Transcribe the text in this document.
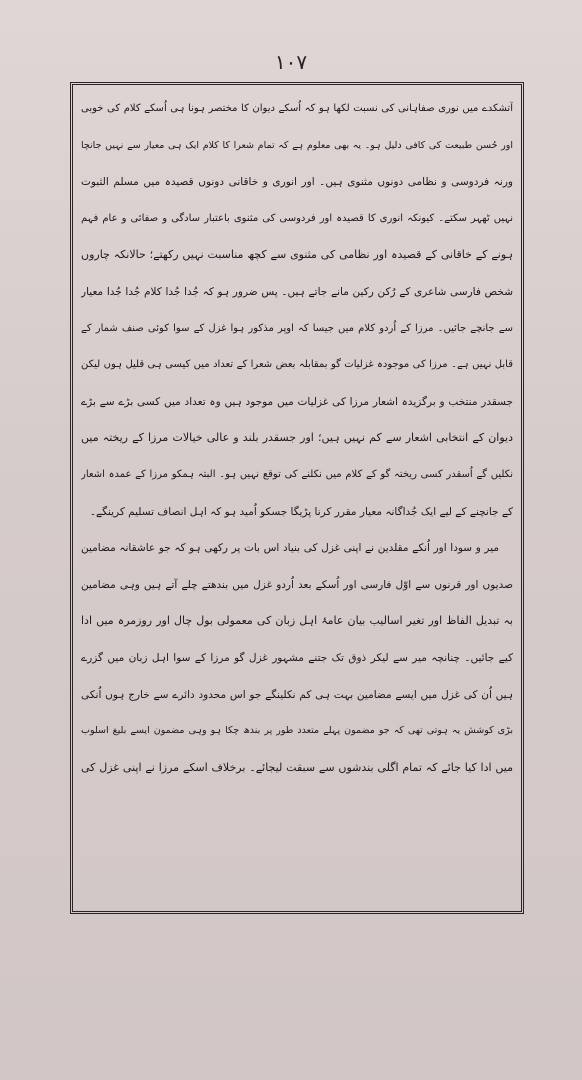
۱۰۷
آتشکدے میں نوری صفاہانی کی نسبت لکھا ہو کہ اُسکے دیوان کا مختصر ہونا ہی اُسکے کلام کی خوبی
اور حُسن طبیعت کی کافی دلیل ہو۔ یہ بھی معلوم ہے کہ تمام شعرا کا کلام ایک ہی معیار سے نہیں جانچا
ورنہ فردوسی و نظامی دونوں مثنوی ہیں۔ اور انوری و خاقانی دونوں قصیدہ میں مسلم الثبوت
نہیں ٹھہر سکتے۔ کیونکہ انوری کا قصیدہ اور فردوسی کی مثنوی باعتبار سادگی و صفائی و عام فہم
ہونے کے خاقانی کے قصیدہ اور نظامی کی مثنوی سے کچھ مناسبت نہیں رکھتے؛ حالانکہ چاروں
شخص فارسی شاعری کے رُکن رکین مانے جاتے ہیں۔ پس ضرور ہو کہ جُدا جُدا کلام جُدا جُدا معیار
سے جانچے جائیں۔ مرزا کے اُردو کلام میں جیسا کہ اوپر مذکور ہوا غزل کے سوا کوئی صنف شمار کے
قابل نہیں ہے۔ مرزا کی موجودہ غزلیات گو بمقابلہ بعض شعرا کے تعداد میں کیسی ہی قلیل ہوں لیکن
جسقدر منتخب و برگزیدہ اشعار مرزا کی غزلیات میں موجود ہیں وہ تعداد میں کسی بڑے سے بڑے
دیوان کے انتخابی اشعار سے کم نہیں ہیں؛ اور جسقدر بلند و عالی خیالات مرزا کے ریختہ میں
نکلیں گے اُسقدر کسی ریختہ گو کے کلام میں نکلنے کی توقع نہیں ہو۔ البتہ ہمکو مرزا کے عمدہ اشعار
کے جانچنے کے لیے ایک جُداگانہ معیار مقرر کرنا پڑیگا جسکو اُمید ہو کہ اہل انصاف تسلیم کرینگے۔
میر و سودا اور اُنکے مقلدین نے اپنی غزل کی بنیاد اس بات پر رکھی ہو کہ جو عاشقانہ مضامین
صدیوں اور قرنوں سے اوّل فارسی اور اُسکے بعد اُردو غزل میں بندھتے چلے آتے ہیں وہی مضامین
بہ تبدیل الفاظ اور تغیر اسالیب بیان عامۂ اہل زبان کی معمولی بول چال اور روزمرہ میں ادا
کیے جائیں۔ چنانچہ میر سے لیکر ذوق تک جتنے مشہور غزل گو مرزا کے سوا اہل زبان میں گزرے
ہیں اُن کی غزل میں ایسے مضامین بہت ہی کم نکلینگے جو اس محدود دائرے سے خارج ہوں اُنکی
بڑی کوشش یہ ہوتی تھی کہ جو مضمون پہلے متعدد طور پر بندھ چکا ہو وہی مضمون ایسے بلیغ اسلوب
میں ادا کیا جائے کہ تمام اگلی بندشوں سے سبقت لیجائے۔ برخلاف اسکے مرزا نے اپنی غزل کی
